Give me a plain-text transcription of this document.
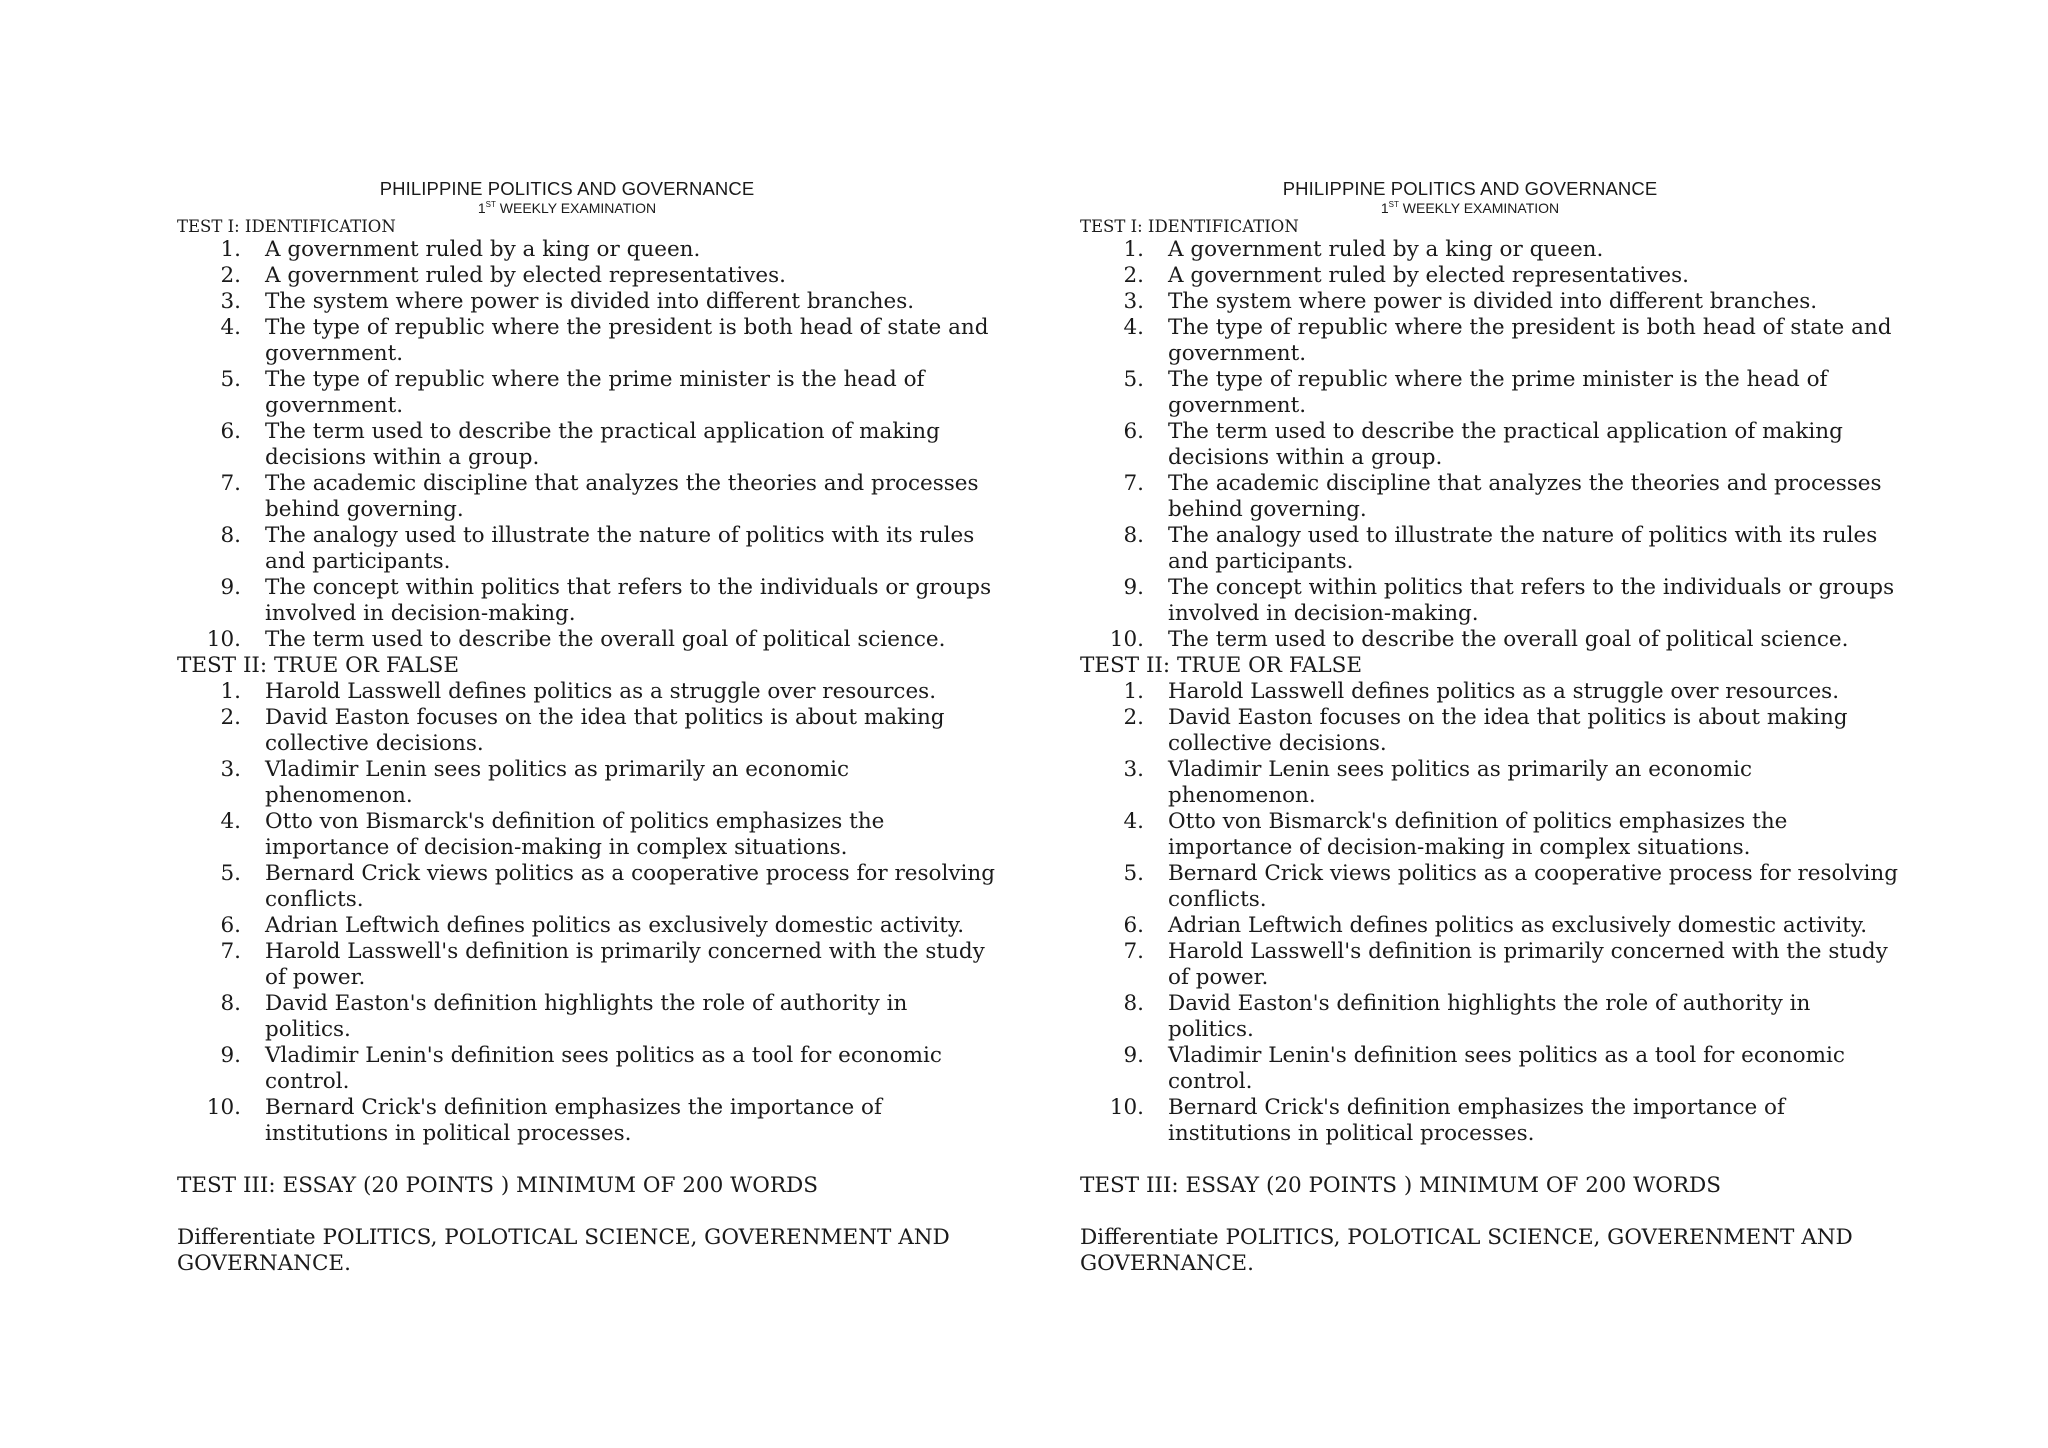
PHILIPPINE POLITICS AND GOVERNANCE

1ST WEEKLY EXAMINATION

TEST I: IDENTIFICATION

1. A government ruled by a king or queen.
2. A government ruled by elected representatives.
3. The system where power is divided into different branches.
4. The type of republic where the president is both head of state and government.
5. The type of republic where the prime minister is the head of government.
6. The term used to describe the practical application of making decisions within a group.
7. The academic discipline that analyzes the theories and processes behind governing.
8. The analogy used to illustrate the nature of politics with its rules and participants.
9. The concept within politics that refers to the individuals or groups involved in decision-making.
10. The term used to describe the overall goal of political science.

TEST II: TRUE OR FALSE

1. Harold Lasswell defines politics as a struggle over resources.
2. David Easton focuses on the idea that politics is about making collective decisions.
3. Vladimir Lenin sees politics as primarily an economic phenomenon.
4. Otto von Bismarck's definition of politics emphasizes the importance of decision-making in complex situations.
5. Bernard Crick views politics as a cooperative process for resolving conflicts.
6. Adrian Leftwich defines politics as exclusively domestic activity.
7. Harold Lasswell's definition is primarily concerned with the study of power.
8. David Easton's definition highlights the role of authority in politics.
9. Vladimir Lenin's definition sees politics as a tool for economic control.
10. Bernard Crick's definition emphasizes the importance of institutions in political processes.

TEST III: ESSAY (20 POINTS ) MINIMUM OF 200 WORDS

Differentiate POLITICS, POLOTICAL SCIENCE, GOVERENMENT AND GOVERNANCE.

PHILIPPINE POLITICS AND GOVERNANCE

1ST WEEKLY EXAMINATION

TEST I: IDENTIFICATION

1. A government ruled by a king or queen.
2. A government ruled by elected representatives.
3. The system where power is divided into different branches.
4. The type of republic where the president is both head of state and government.
5. The type of republic where the prime minister is the head of government.
6. The term used to describe the practical application of making decisions within a group.
7. The academic discipline that analyzes the theories and processes behind governing.
8. The analogy used to illustrate the nature of politics with its rules and participants.
9. The concept within politics that refers to the individuals or groups involved in decision-making.
10. The term used to describe the overall goal of political science.

TEST II: TRUE OR FALSE

1. Harold Lasswell defines politics as a struggle over resources.
2. David Easton focuses on the idea that politics is about making collective decisions.
3. Vladimir Lenin sees politics as primarily an economic phenomenon.
4. Otto von Bismarck's definition of politics emphasizes the importance of decision-making in complex situations.
5. Bernard Crick views politics as a cooperative process for resolving conflicts.
6. Adrian Leftwich defines politics as exclusively domestic activity.
7. Harold Lasswell's definition is primarily concerned with the study of power.
8. David Easton's definition highlights the role of authority in politics.
9. Vladimir Lenin's definition sees politics as a tool for economic control.
10. Bernard Crick's definition emphasizes the importance of institutions in political processes.

TEST III: ESSAY (20 POINTS ) MINIMUM OF 200 WORDS

Differentiate POLITICS, POLOTICAL SCIENCE, GOVERENMENT AND GOVERNANCE.
